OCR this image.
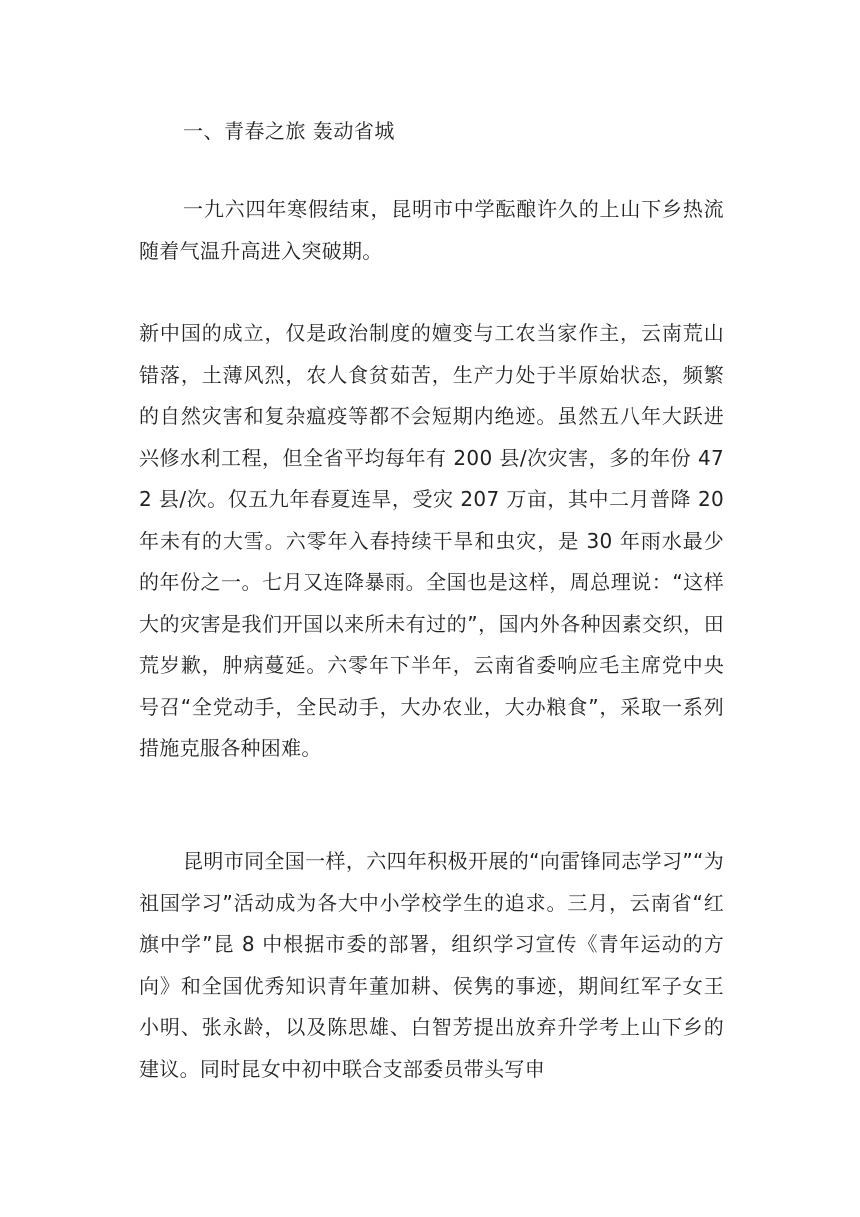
一、青春之旅 轰动省城
一九六四年寒假结束，昆明市中学酝酿许久的上山下乡热流随着气温升高进入突破期。
新中国的成立，仅是政治制度的嬗变与工农当家作主，云南荒山错落，土薄风烈，农人食贫茹苦，生产力处于半原始状态，频繁的自然灾害和复杂瘟疫等都不会短期内绝迹。虽然五八年大跃进兴修水利工程，但全省平均每年有 200 县/次灾害，多的年份 472 县/次。仅五九年春夏连旱，受灾 207 万亩，其中二月普降 20 年未有的大雪。六零年入春持续干旱和虫灾，是 30 年雨水最少的年份之一。七月又连降暴雨。全国也是这样，周总理说：“这样大的灾害是我们开国以来所未有过的”，国内外各种因素交织，田荒岁歉，肿病蔓延。六零年下半年，云南省委响应毛主席党中央号召“全党动手，全民动手，大办农业，大办粮食”，采取一系列措施克服各种困难。
昆明市同全国一样，六四年积极开展的“向雷锋同志学习”“为祖国学习”活动成为各大中小学校学生的追求。三月，云南省“红旗中学”昆 8 中根据市委的部署，组织学习宣传《青年运动的方向》和全国优秀知识青年董加耕、侯隽的事迹，期间红军子女王小明、张永龄，以及陈思雄、白智芳提出放弃升学考上山下乡的建议。同时昆女中初中联合支部委员带头写申
